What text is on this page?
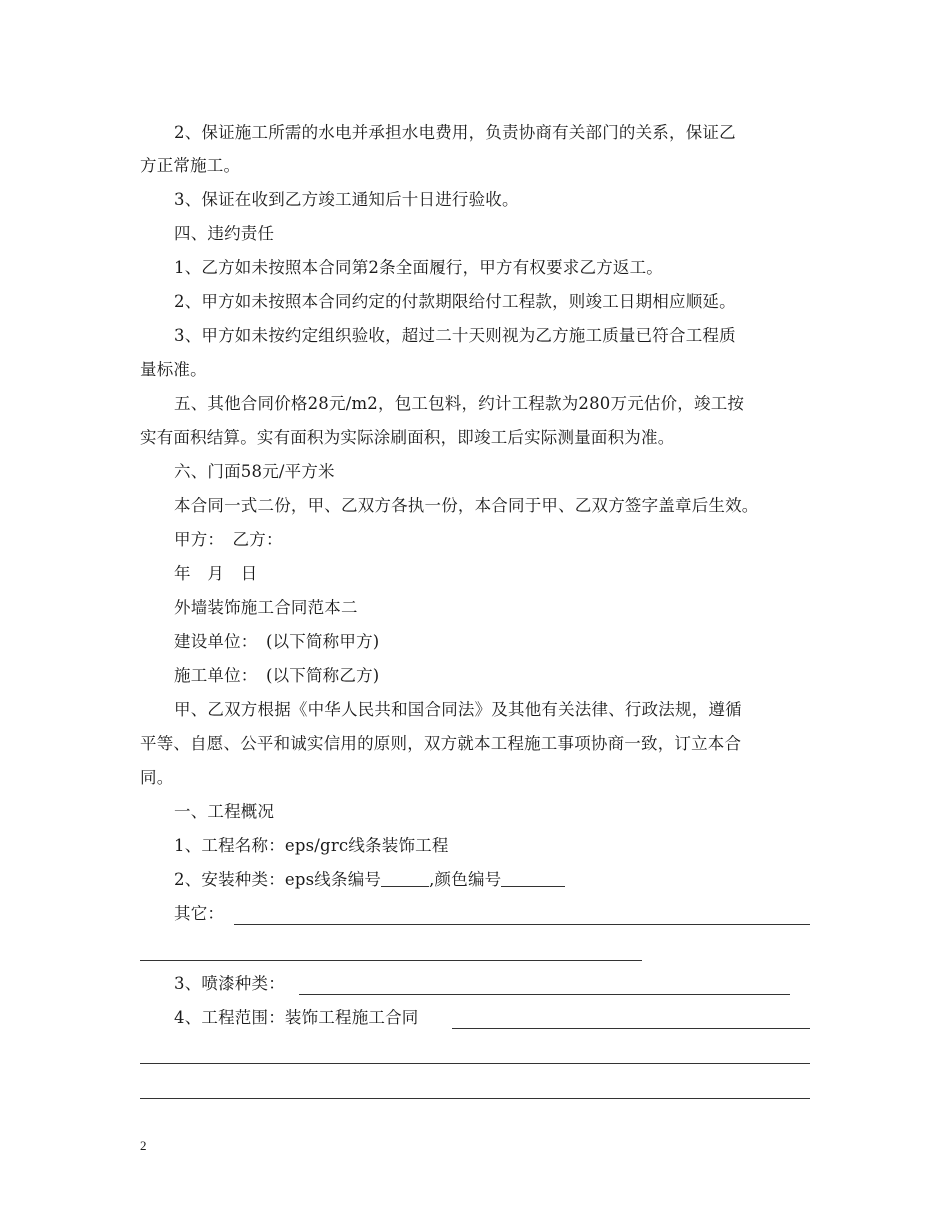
2、保证施工所需的水电并承担水电费用，负责协商有关部门的关系，保证乙
方正常施工。
3、保证在收到乙方竣工通知后十日进行验收。
四、违约责任
1、乙方如未按照本合同第2条全面履行，甲方有权要求乙方返工。
2、甲方如未按照本合同约定的付款期限给付工程款，则竣工日期相应顺延。
3、甲方如未按约定组织验收，超过二十天则视为乙方施工质量已符合工程质
量标准。
五、其他合同价格28元/m2，包工包料，约计工程款为280万元估价，竣工按
实有面积结算。实有面积为实际涂刷面积，即竣工后实际测量面积为准。
六、门面58元/平方米
本合同一式二份，甲、乙双方各执一份，本合同于甲、乙双方签字盖章后生效。
甲方：　乙方：
年　月　日
外墙装饰施工合同范本二
建设单位：　(以下简称甲方)
施工单位：　(以下简称乙方)
甲、乙双方根据《中华人民共和国合同法》及其他有关法律、行政法规，遵循
平等、自愿、公平和诚实信用的原则，双方就本工程施工事项协商一致，订立本合
同。
一、工程概况
1、工程名称：eps/grc线条装饰工程
2、安装种类：eps线条编号	,颜色编号
其它：
3、喷漆种类：
4、工程范围：装饰工程施工合同
2
